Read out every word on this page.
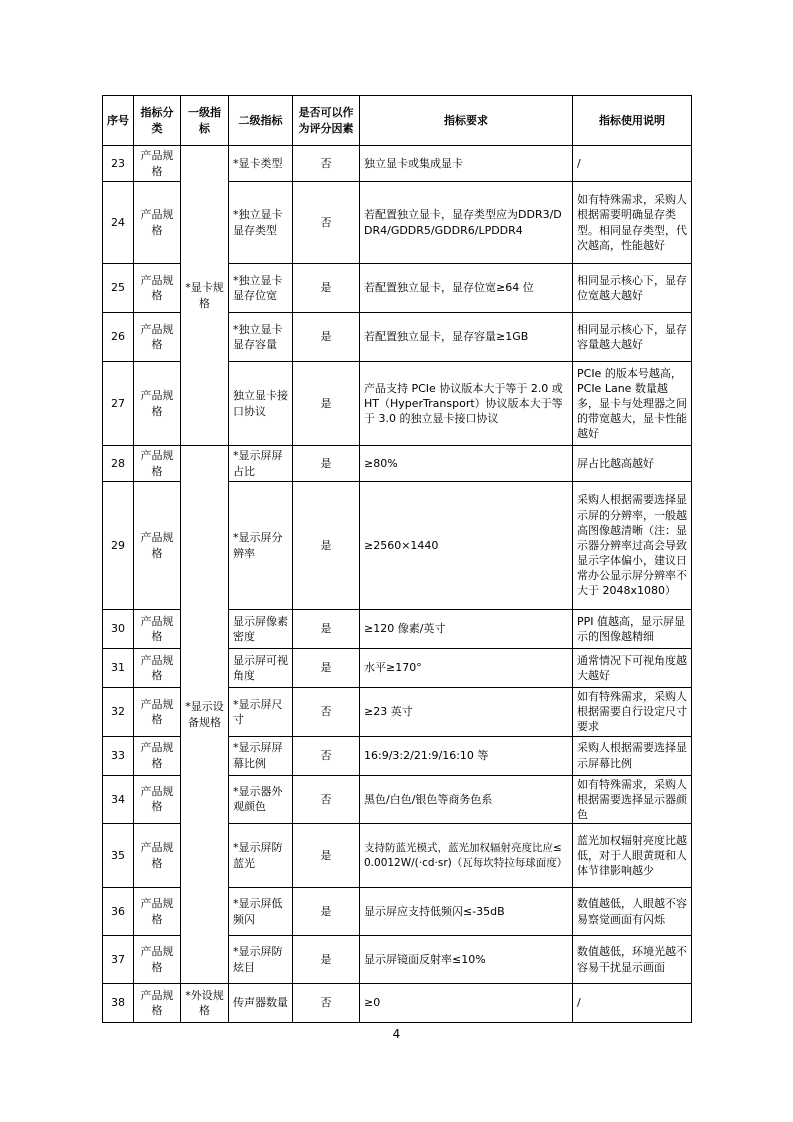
序号	指标分类	一级指标	二级指标	是否可以作为评分因素	指标要求	指标使用说明
23	产品规格	*显卡规格	*显卡类型	否	独立显卡或集成显卡	/
24	产品规格		*独立显卡显存类型	否	若配置独立显卡，显存类型应为DDR3/DDR4/GDDR5/GDDR6/LPDDR4	如有特殊需求，采购人根据需要明确显存类型。相同显存类型，代次越高，性能越好
25	产品规格		*独立显卡显存位宽	是	若配置独立显卡，显存位宽≥64 位	相同显示核心下，显存位宽越大越好
26	产品规格		*独立显卡显存容量	是	若配置独立显卡，显存容量≥1GB	相同显示核心下，显存容量越大越好
27	产品规格		独立显卡接口协议	是	产品支持 PCIe 协议版本大于等于 2.0 或 HT（HyperTransport）协议版本大于等于 3.0 的独立显卡接口协议	PCIe 的版本号越高，PCIe Lane 数量越多，显卡与处理器之间的带宽越大，显卡性能越好
28	产品规格	*显示设备规格	*显示屏屏占比	是	≥80%	屏占比越高越好
29	产品规格		*显示屏分辨率	是	≥2560×1440	采购人根据需要选择显示屏的分辨率，一般越高图像越清晰（注：显示器分辨率过高会导致显示字体偏小，建议日常办公显示屏分辨率不大于 2048x1080）
30	产品规格		显示屏像素密度	是	≥120 像素/英寸	PPI 值越高，显示屏显示的图像越精细
31	产品规格		显示屏可视角度	是	水平≥170°	通常情况下可视角度越大越好
32	产品规格		*显示屏尺寸	否	≥23 英寸	如有特殊需求，采购人根据需要自行设定尺寸要求
33	产品规格		*显示屏屏幕比例	否	16:9/3:2/21:9/16:10 等	采购人根据需要选择显示屏幕比例
34	产品规格		*显示器外观颜色	否	黑色/白色/银色等商务色系	如有特殊需求，采购人根据需要选择显示器颜色
35	产品规格		*显示屏防蓝光	是	支持防蓝光模式，蓝光加权辐射亮度比应≤0.0012W/(·cd·sr)（瓦每坎特拉每球面度）	蓝光加权辐射亮度比越低，对于人眼黄斑和人体节律影响越少
36	产品规格		*显示屏低频闪	是	显示屏应支持低频闪≤-35dB	数值越低，人眼越不容易察觉画面有闪烁
37	产品规格		*显示屏防炫目	是	显示屏镜面反射率≤10%	数值越低，环境光越不容易干扰显示画面
38	产品规格	*外设规格	传声器数量	否	≥0	/
4
